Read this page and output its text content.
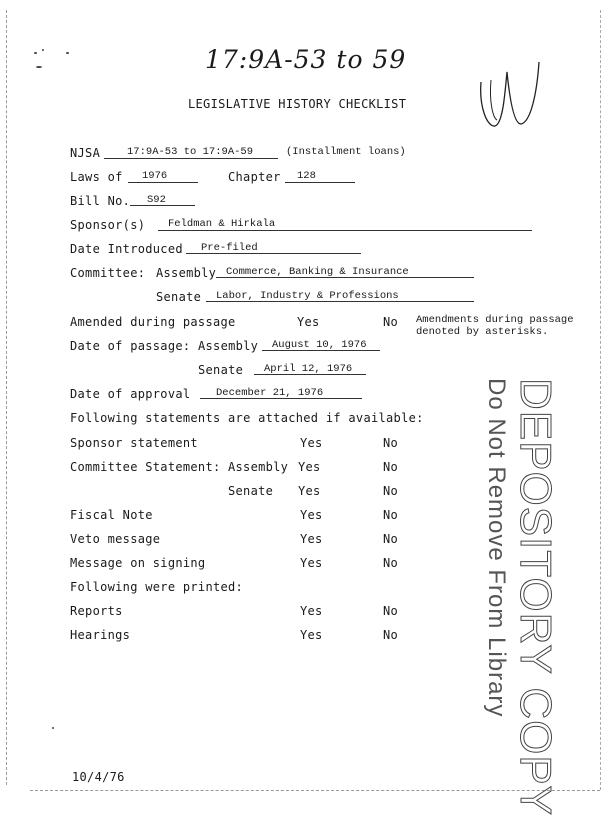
17:9A-53 to 59
LEGISLATIVE HISTORY CHECKLIST
NJSA	17:9A-53 to 17:9A-59	(Installment loans)
Laws of 1976	Chapter 128
Bill No. S92
Sponsor(s) Feldman & Hirkala
Date Introduced Pre-filed
Committee: Assembly Commerce, Banking & Insurance
Senate Labor, Industry & Professions
Amended during passage	Yes	No Amendments during passage
denoted by asterisks.
Date of passage: Assembly August 10, 1976
Senate April 12, 1976
Date of approval December 21, 1976
Following statements are attached if available:
Sponsor statement	Yes	No
Committee Statement: Assembly Yes	No
Senate Yes	No
Fiscal Note	Yes	No
Veto message	Yes	No
Message on signing	Yes	No
Following were printed:
Reports	Yes	No
Hearings	Yes	No
10/4/76	DEPOSITORY COPY
Do Not Remove From Library
